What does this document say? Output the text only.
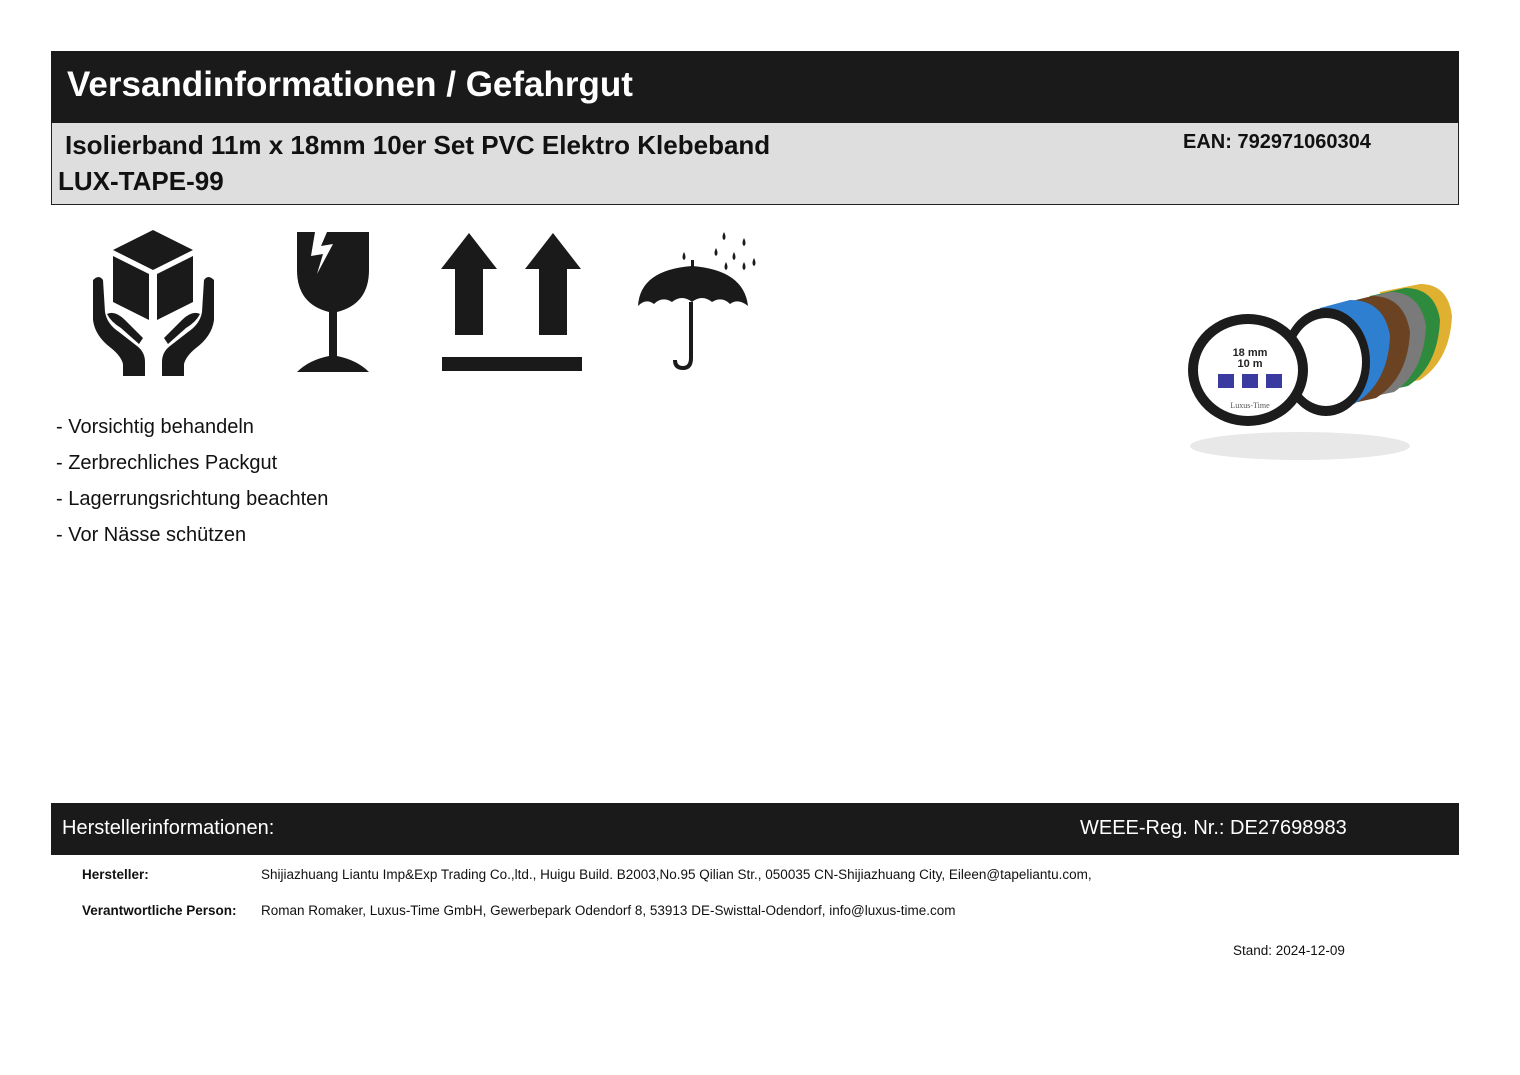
Versandinformationen / Gefahrgut
Isolierband 11m x 18mm 10er Set PVC Elektro Klebeband
LUX-TAPE-99
EAN: 792971060304
- Vorsichtig behandeln
- Zerbrechliches Packgut
- Lagerrungsrichtung beachten
- Vor Nässe schützen
18 mm
10 m
Luxus-Time
Herstellerinformationen:	WEEE-Reg. Nr.: DE27698983
Hersteller:	Shijiazhuang Liantu Imp&Exp Trading Co.,ltd., Huigu Build. B2003,No.95 Qilian Str., 050035 CN-Shijiazhuang City, Eileen@tapeliantu.com,
Verantwortliche Person: Roman Romaker, Luxus-Time GmbH, Gewerbepark Odendorf 8, 53913 DE-Swisttal-Odendorf, info@luxus-time.com
Stand: 2024-12-09
